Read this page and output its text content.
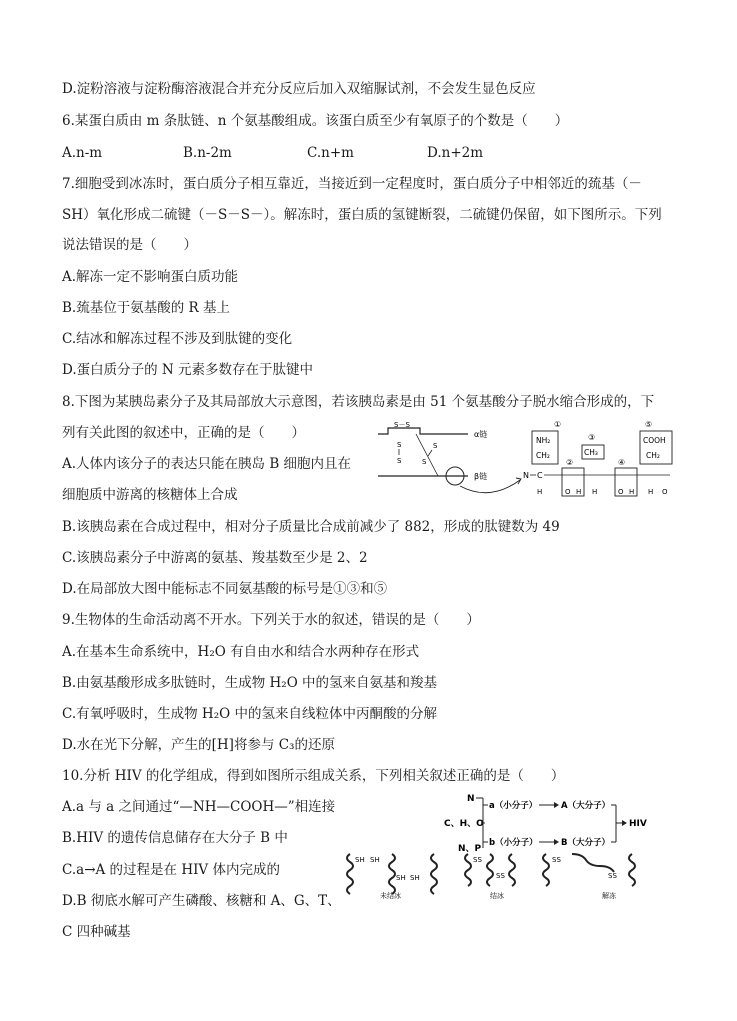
D.淀粉溶液与淀粉酶溶液混合并充分反应后加入双缩脲试剂，不会发生显色反应
6.某蛋白质由 m 条肽链、n 个氨基酸组成。该蛋白质至少有氧原子的个数是（　　）
A.n-m	B.n-2m	C.n+m	D.n+2m
7.细胞受到冰冻时，蛋白质分子相互靠近，当接近到一定程度时，蛋白质分子中相邻近的巯基（－
SH）氧化形成二硫键（－S－S－）。解冻时，蛋白质的氢键断裂，二硫键仍保留，如下图所示。下列
说法错误的是（　　）
A.解冻一定不影响蛋白质功能
B.巯基位于氨基酸的 R 基上
C.结冰和解冻过程不涉及到肽键的变化
D.蛋白质分子的 N 元素多数存在于肽键中
8.下图为某胰岛素分子及其局部放大示意图，若该胰岛素是由 51 个氨基酸分子脱水缩合形成的，下
列有关此图的叙述中，正确的是（　　）
A.人体内该分子的表达只能在胰岛 B 细胞内且在
细胞质中游离的核糖体上合成
B.该胰岛素在合成过程中，相对分子质量比合成前减少了 882，形成的肽键数为 49
C.该胰岛素分子中游离的氨基、羧基数至少是 2、2
D.在局部放大图中能标志不同氨基酸的标号是①③和⑤
α链
S－S
β链
S
S
S
S
①
NH₂
CH₂
③
CH₃
⑤
COOH
CH₂
②	④
N C
H	O H H	O H H O
9.生物体的生命活动离不开水。下列关于水的叙述，错误的是（　　）
A.在基本生命系统中，H₂O 有自由水和结合水两种存在形式
B.由氨基酸形成多肽链时，生成物 H₂O 中的氢来自氨基和羧基
C.有氧呼吸时，生成物 H₂O 中的氢来自线粒体中丙酮酸的分解
D.水在光下分解，产生的[H]将参与 C₃的还原
10.分析 HIV 的化学组成，得到如图所示组成关系，下列相关叙述正确的是（　　）
A.a 与 a 之间通过“—NH—COOH—”相连接
B.HIV 的遗传信息储存在大分子 B 中
C.a→A 的过程是在 HIV 体内完成的
D.B 彻底水解可产生磷酸、核糖和 A、G、T、
C 四种碱基
N
C、H、O
N、P
a（小分子）
b（小分子）
A（大分子）
B（大分子）
HIV
SH SH
SH SH
未结冰
SS
SS
结冰
SS
SS
解冻
